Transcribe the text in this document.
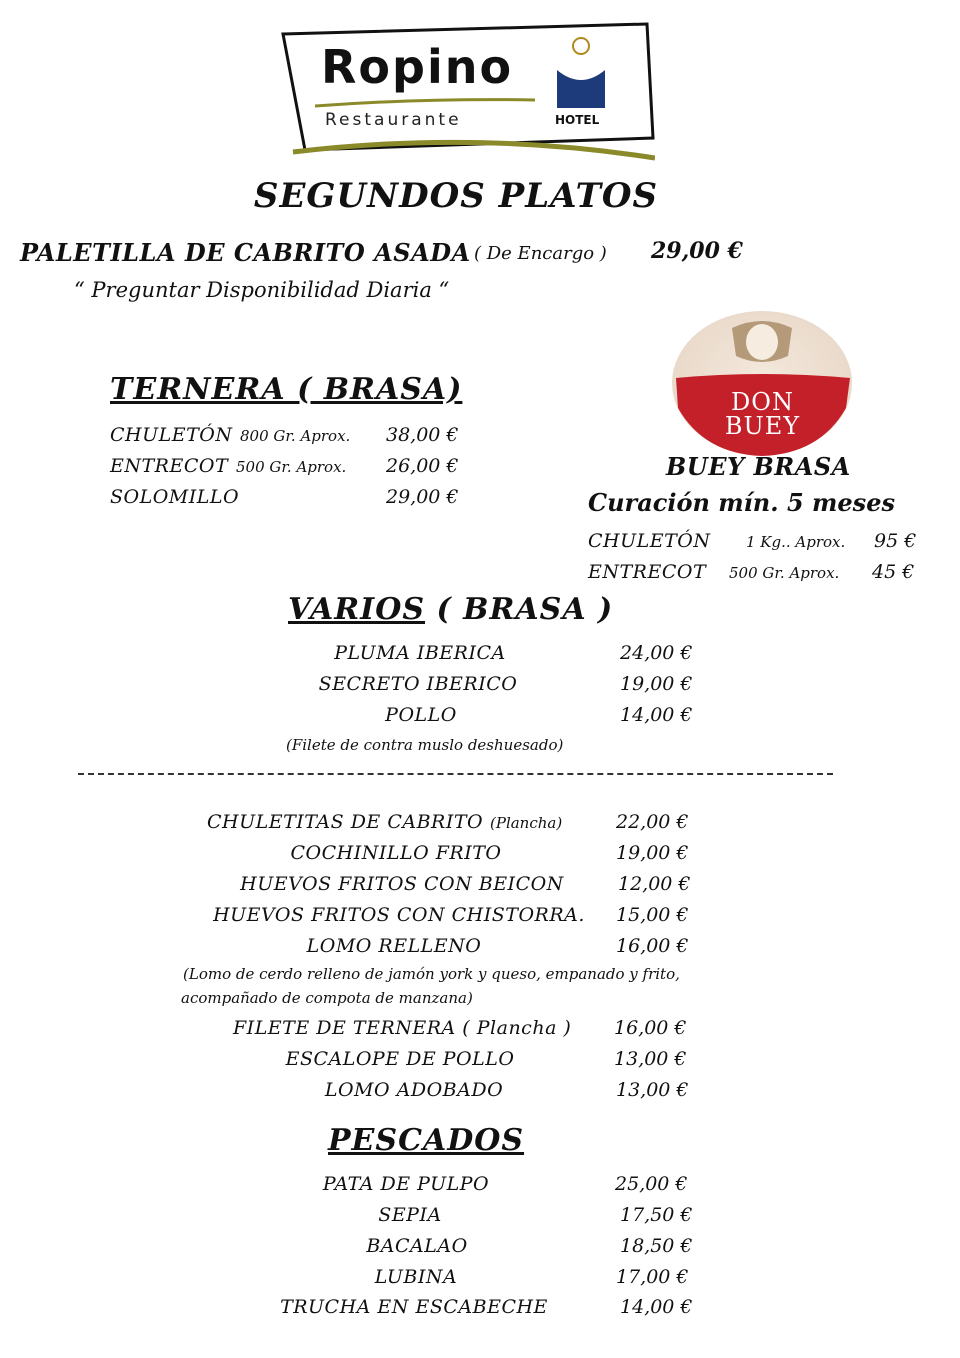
Ropino
Restaurante	HOTEL
SEGUNDOS PLATOS
PALETILLA DE CABRITO ASADA ( De Encargo ) 29,00 €
“ Preguntar Disponibilidad Diaria “
TERNERA ( BRASA)
CHULETÓN 800 Gr. Aprox. 38,00 €
ENTRECOT 500 Gr. Aprox. 26,00 €
SOLOMILLO	29,00 €
DON
BUEY
BUEY BRASA
Curación mín. 5 meses
CHULETÓN 1 Kg.. Aprox. 95 €
ENTRECOT 500 Gr. Aprox. 45 €
VARIOS ( BRASA )
PLUMA IBERICA	24,00 €
SECRETO IBERICO	19,00 €
POLLO	14,00 €
(Filete de contra muslo deshuesado)
CHULETITAS DE CABRITO (Plancha)	22,00 €
COCHINILLO FRITO	19,00 €
HUEVOS FRITOS CON BEICON	12,00 €
HUEVOS FRITOS CON CHISTORRA. 15,00 €
LOMO RELLENO	16,00 €
(Lomo de cerdo relleno de jamón york y queso, empanado y frito,
acompañado de compota de manzana)
FILETE DE TERNERA ( Plancha ) 16,00 €
ESCALOPE DE POLLO	13,00 €
LOMO ADOBADO	13,00 €
PESCADOS
PATA DE PULPO	25,00 €
SEPIA	17,50 €
BACALAO	18,50 €
LUBINA	17,00 €
TRUCHA EN ESCABECHE	14,00 €
